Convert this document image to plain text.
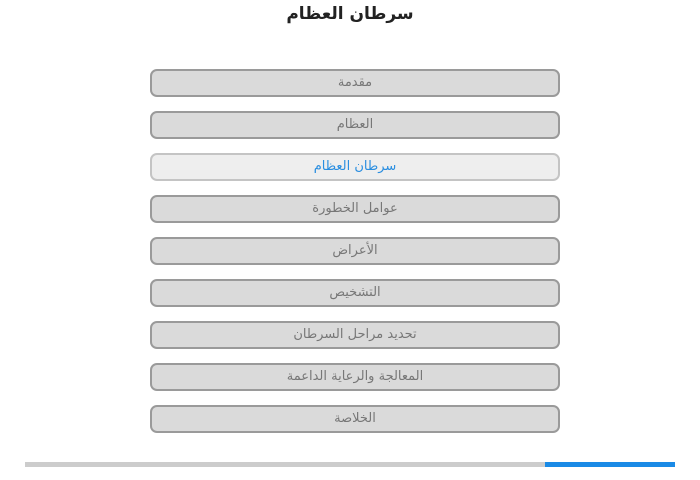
سرطان العظام
مقدمة
العظام
سرطان العظام
عوامل الخطورة
الأعراض
التشخيص
تحديد مراحل السرطان
المعالجة والرعاية الداعمة
الخلاصة
